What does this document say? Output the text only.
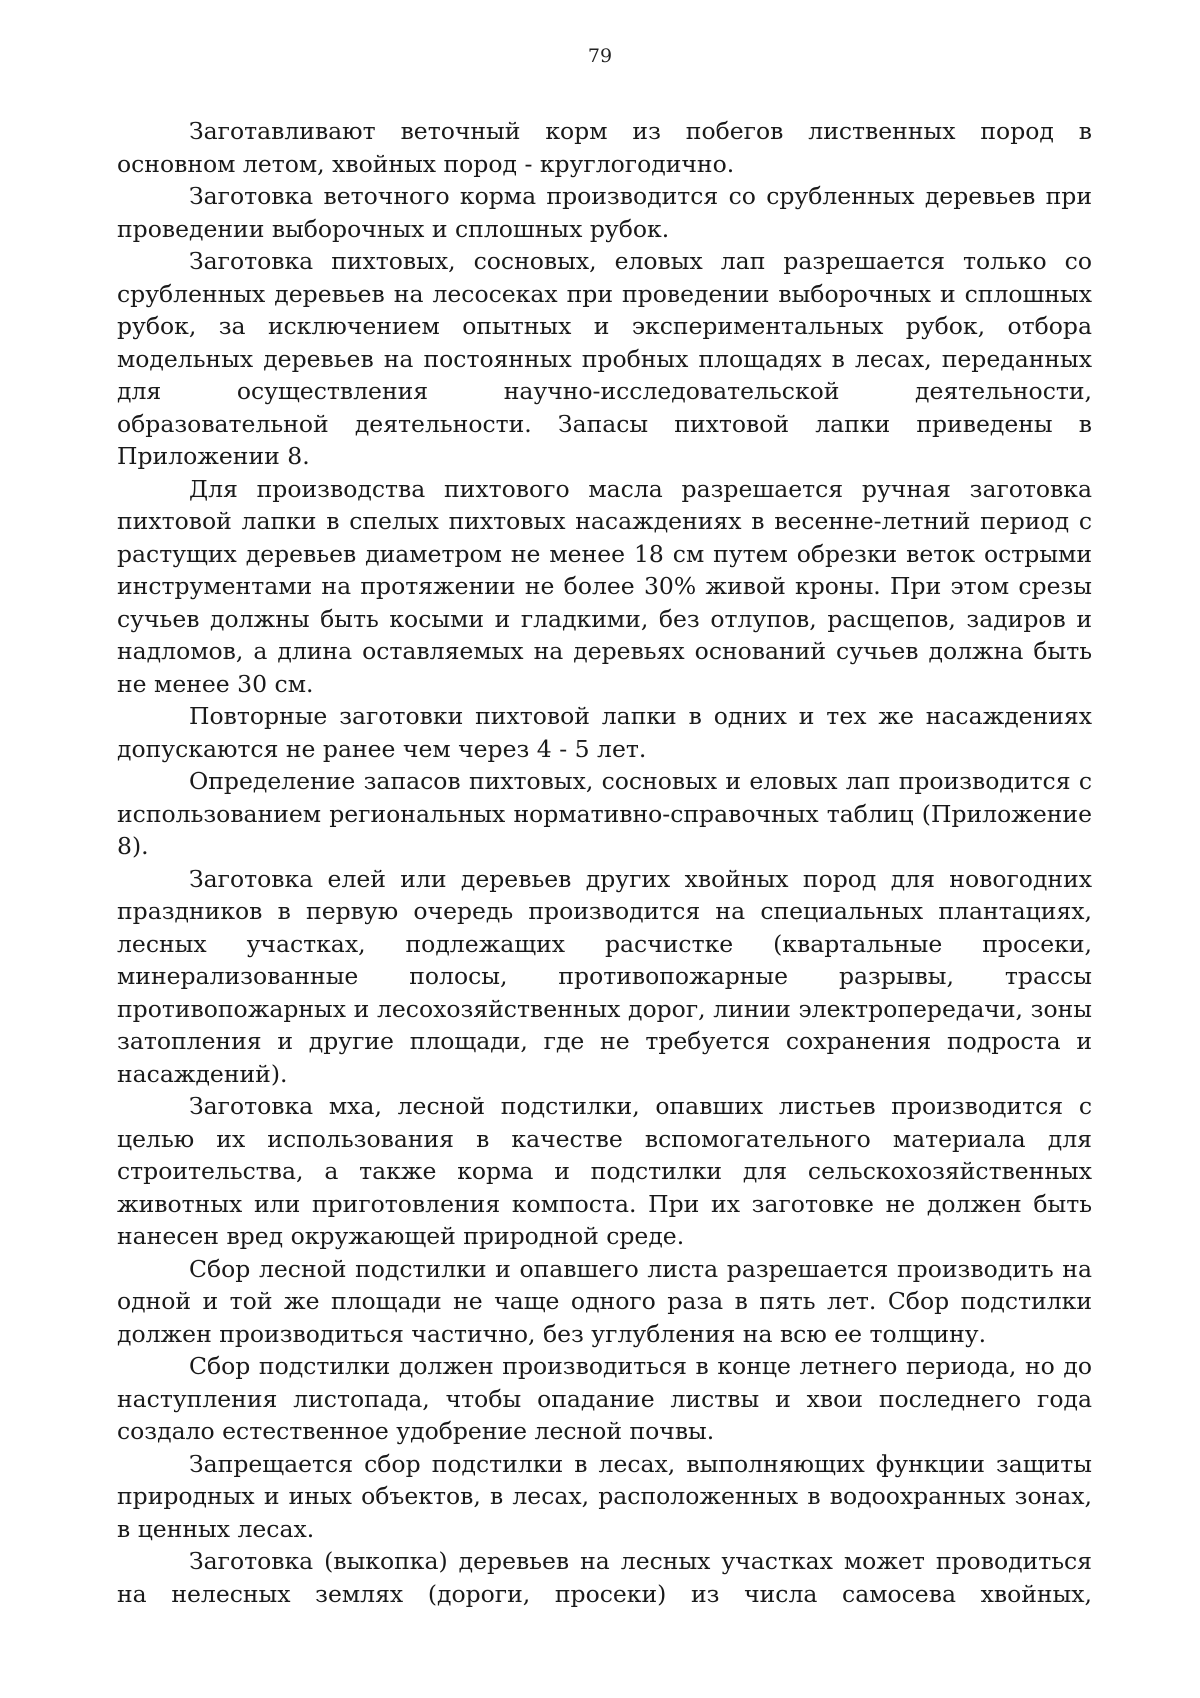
79

Заготавливают веточный корм из побегов лиственных пород в основном летом, хвойных пород - круглогодично.

Заготовка веточного корма производится со срубленных деревьев при проведении выборочных и сплошных рубок.

Заготовка пихтовых, сосновых, еловых лап разрешается только со срубленных деревьев на лесосеках при проведении выборочных и сплошных рубок, за исключением опытных и экспериментальных рубок, отбора модельных деревьев на постоянных пробных площадях в лесах, переданных для осуществления научно-исследовательской деятельности, образовательной деятельности. Запасы пихтовой лапки приведены в Приложении 8.

Для производства пихтового масла разрешается ручная заготовка пихтовой лапки в спелых пихтовых насаждениях в весенне-летний период с растущих деревьев диаметром не менее 18 см путем обрезки веток острыми инструментами на протяжении не более 30% живой кроны. При этом срезы сучьев должны быть косыми и гладкими, без отлупов, расщепов, задиров и надломов, а длина оставляемых на деревьях оснований сучьев должна быть не менее 30 см.

Повторные заготовки пихтовой лапки в одних и тех же насаждениях допускаются не ранее чем через 4 - 5 лет.

Определение запасов пихтовых, сосновых и еловых лап производится с использованием региональных нормативно-справочных таблиц (Приложение 8).

Заготовка елей или деревьев других хвойных пород для новогодних праздников в первую очередь производится на специальных плантациях, лесных участках, подлежащих расчистке (квартальные просеки, минерализованные полосы, противопожарные разрывы, трассы противопожарных и лесохозяйственных дорог, линии электропередачи, зоны затопления и другие площади, где не требуется сохранения подроста и насаждений).

Заготовка мха, лесной подстилки, опавших листьев производится с целью их использования в качестве вспомогательного материала для строительства, а также корма и подстилки для сельскохозяйственных животных или приготовления компоста. При их заготовке не должен быть нанесен вред окружающей природной среде.

Сбор лесной подстилки и опавшего листа разрешается производить на одной и той же площади не чаще одного раза в пять лет. Сбор подстилки должен производиться частично, без углубления на всю ее толщину.

Сбор подстилки должен производиться в конце летнего периода, но до наступления листопада, чтобы опадание листвы и хвои последнего года создало естественное удобрение лесной почвы.

Запрещается сбор подстилки в лесах, выполняющих функции защиты природных и иных объектов, в лесах, расположенных в водоохранных зонах, в ценных лесах.

Заготовка (выкопка) деревьев на лесных участках может проводиться на нелесных землях (дороги, просеки) из числа самосева хвойных,
